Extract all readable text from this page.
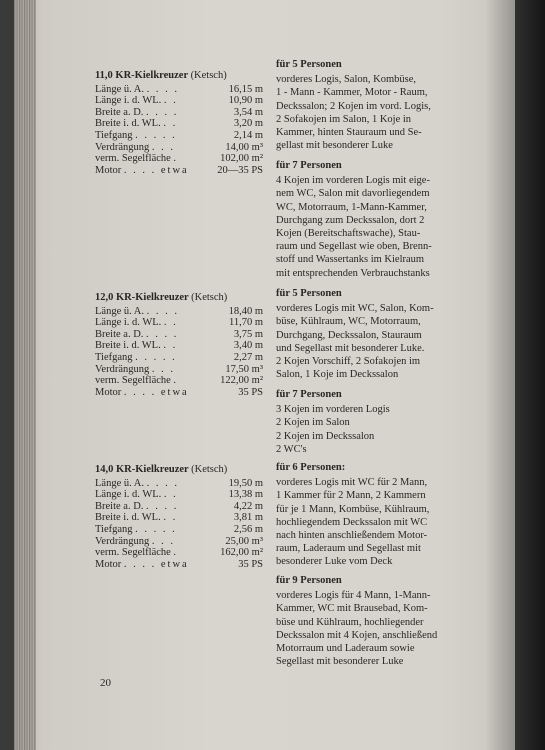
11,0 KR-Kielkreuzer (Ketsch)
Länge ü. A. . . . .	16,15 m
Länge i. d. WL. . .	10,90 m
Breite a. D. . . . .	3,54 m
Breite i. d. WL. . .	3,20 m
Tiefgang . . . . .	2,14 m
Verdrängung . . .	14,00 m³
verm. Segelfläche .	102,00 m²
Motor . . . . etwa	20—35 PS
12,0 KR-Kielkreuzer (Ketsch)
Länge ü. A. . . . .	18,40 m
Länge i. d. WL. . .	11,70 m
Breite a. D. . . . .	3,75 m
Breite i. d. WL. . .	3,40 m
Tiefgang . . . . .	2,27 m
Verdrängung . . .	17,50 m³
verm. Segelfläche .	122,00 m²
Motor . . . . etwa	35 PS
14,0 KR-Kielkreuzer (Ketsch)
Länge ü. A. . . . .	19,50 m
Länge i. d. WL. . .	13,38 m
Breite a. D. . . . .	4,22 m
Breite i. d. WL. . .	3,81 m
Tiefgang . . . . .	2,56 m
Verdrängung . . .	25,00 m³
verm. Segelfläche .	162,00 m²
Motor . . . . etwa	35 PS
für 5 Personen
vorderes Logis, Salon, Kombüse,
1 - Mann - Kammer, Motor - Raum,
Deckssalon; 2 Kojen im vord. Logis,
2 Sofakojen im Salon, 1 Koje in
Kammer, hinten Stauraum und Se-
gellast mit besonderer Luke
für 7 Personen
4 Kojen im vorderen Logis mit eige-
nem WC, Salon mit davorliegendem
WC, Motorraum, 1-Mann-Kammer,
Durchgang zum Deckssalon, dort 2
Kojen (Bereitschaftswache), Stau-
raum und Segellast wie oben, Brenn-
stoff und Wassertanks im Kielraum
mit entsprechenden Verbrauchstanks
für 5 Personen
vorderes Logis mit WC, Salon, Kom-
büse, Kühlraum, WC, Motorraum,
Durchgang, Deckssalon, Stauraum
und Segellast mit besonderer Luke.
2 Kojen Vorschiff, 2 Sofakojen im
Salon, 1 Koje im Deckssalon
für 7 Personen
3 Kojen im vorderen Logis
2 Kojen im Salon
2 Kojen im Deckssalon
2 WC's
für 6 Personen:
vorderes Logis mit WC für 2 Mann,
1 Kammer für 2 Mann, 2 Kammern
für je 1 Mann, Kombüse, Kühlraum,
hochliegendem Deckssalon mit WC
nach hinten anschließendem Motor-
raum, Laderaum und Segellast mit
besonderer Luke vom Deck
für 9 Personen
vorderes Logis für 4 Mann, 1-Mann-
Kammer, WC mit Brausebad, Kom-
büse und Kühlraum, hochliegender
Deckssalon mit 4 Kojen, anschließend
Motorraum und Laderaum sowie
Segellast mit besonderer Luke
20
